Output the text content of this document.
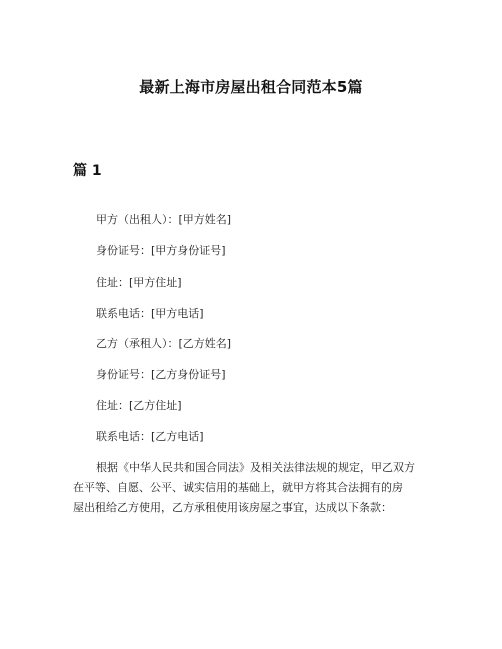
最新上海市房屋出租合同范本5篇
篇 1
甲方（出租人）：[甲方姓名]
身份证号：[甲方身份证号]
住址：[甲方住址]
联系电话：[甲方电话]
乙方（承租人）：[乙方姓名]
身份证号：[乙方身份证号]
住址：[乙方住址]
联系电话：[乙方电话]
根据《中华人民共和国合同法》及相关法律法规的规定，甲乙双方
在平等、自愿、公平、诚实信用的基础上，就甲方将其合法拥有的房
屋出租给乙方使用，乙方承租使用该房屋之事宜，达成以下条款：
